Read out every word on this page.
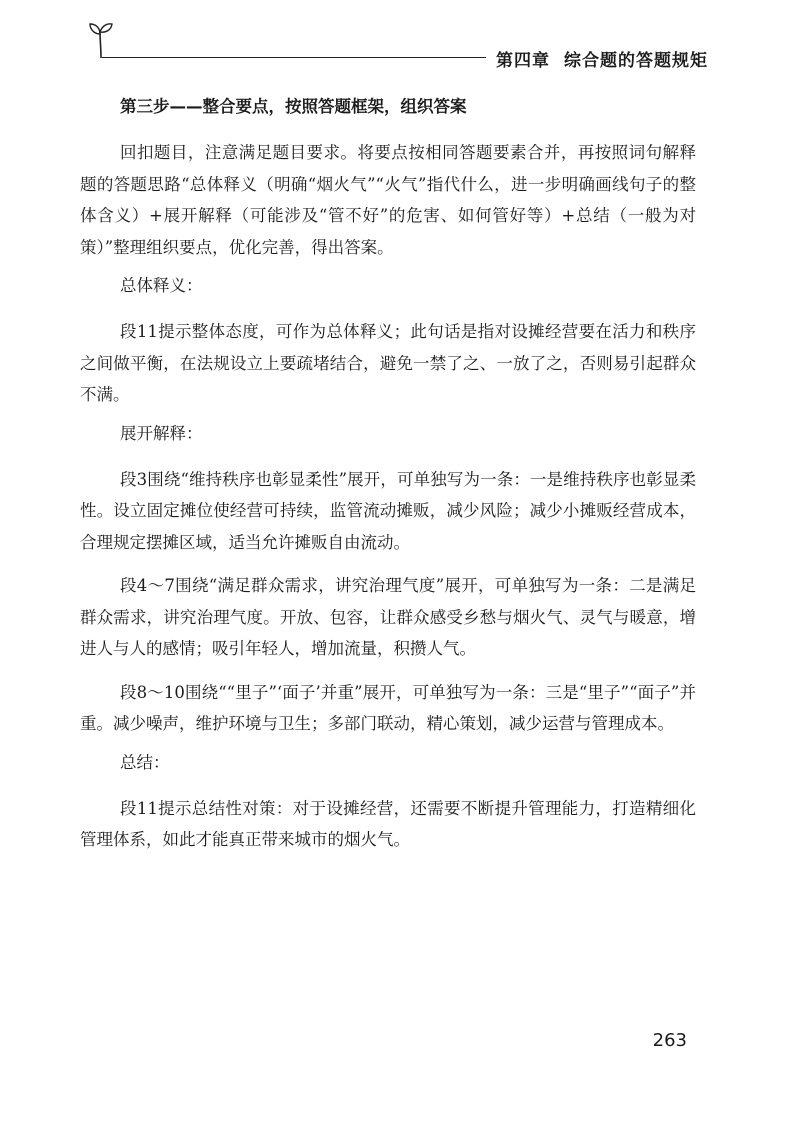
第四章 综合题的答题规矩
第三步——整合要点，按照答题框架，组织答案

回扣题目，注意满足题目要求。将要点按相同答题要素合并，再按照词句解释题的答题思路“总体释义（明确“烟火气”“火气”指代什么，进一步明确画线句子的整体含义）+展开解释（可能涉及“管不好”的危害、如何管好等）+总结（一般为对策）”整理组织要点，优化完善，得出答案。

总体释义：

段11提示整体态度，可作为总体释义；此句话是指对设摊经营要在活力和秩序之间做平衡，在法规设立上要疏堵结合，避免一禁了之、一放了之，否则易引起群众不满。

展开解释：

段3围绕“维持秩序也彰显柔性”展开，可单独写为一条：一是维持秩序也彰显柔性。设立固定摊位使经营可持续，监管流动摊贩，减少风险；减少小摊贩经营成本，合理规定摆摊区域，适当允许摊贩自由流动。

段4～7围绕“满足群众需求，讲究治理气度”展开，可单独写为一条：二是满足群众需求，讲究治理气度。开放、包容，让群众感受乡愁与烟火气、灵气与暖意，增进人与人的感情；吸引年轻人，增加流量，积攒人气。

段8～10围绕““里子”‘面子’并重”展开，可单独写为一条：三是“里子”“面子”并重。减少噪声，维护环境与卫生；多部门联动，精心策划，减少运营与管理成本。

总结：

段11提示总结性对策：对于设摊经营，还需要不断提升管理能力，打造精细化管理体系，如此才能真正带来城市的烟火气。

263
